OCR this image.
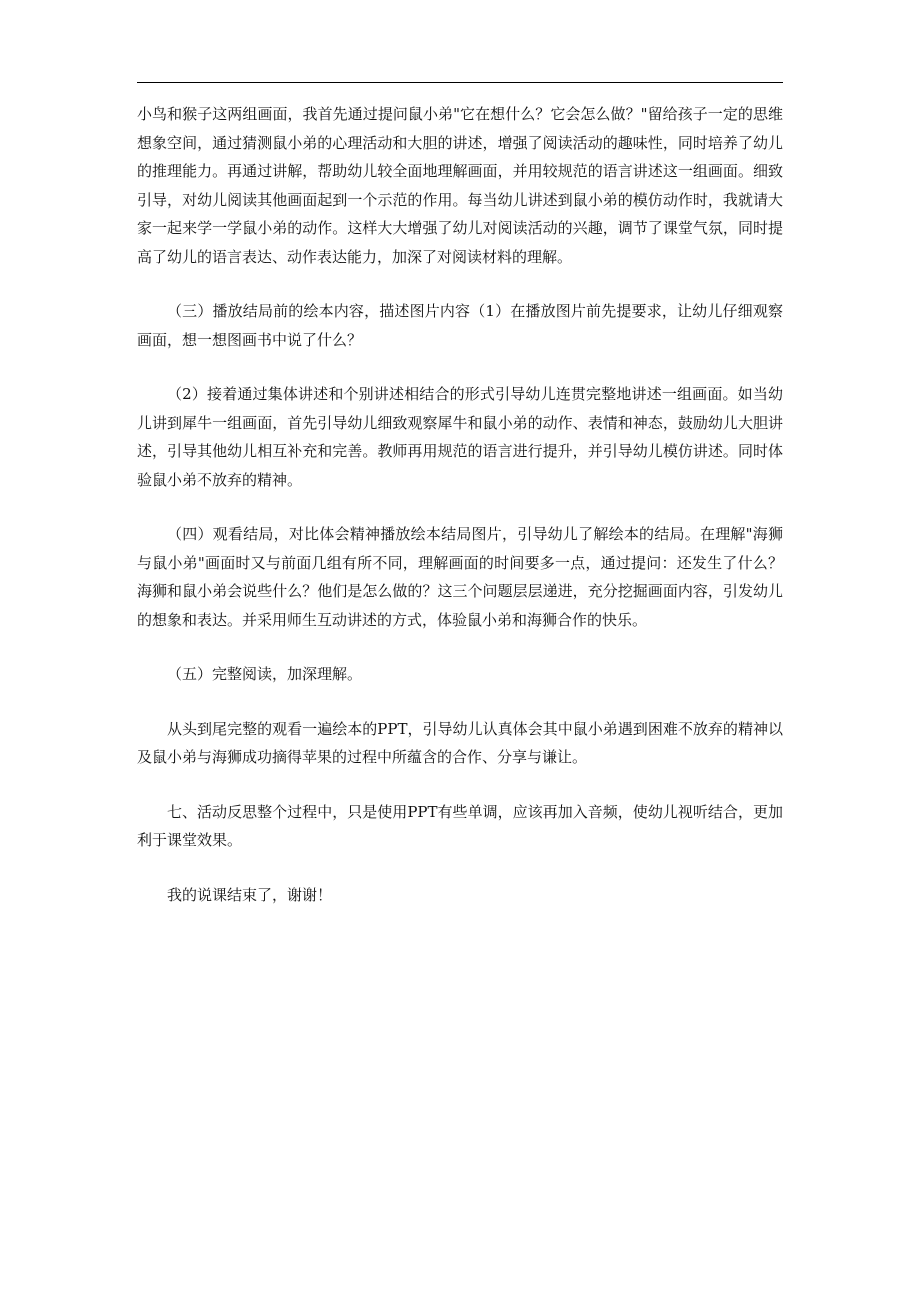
小鸟和猴子这两组画面，我首先通过提问鼠小弟"它在想什么？它会怎么做？"留给孩子一定的思维想象空间，通过猜测鼠小弟的心理活动和大胆的讲述，增强了阅读活动的趣味性，同时培养了幼儿的推理能力。再通过讲解，帮助幼儿较全面地理解画面，并用较规范的语言讲述这一组画面。细致引导，对幼儿阅读其他画面起到一个示范的作用。每当幼儿讲述到鼠小弟的模仿动作时，我就请大家一起来学一学鼠小弟的动作。这样大大增强了幼儿对阅读活动的兴趣，调节了课堂气氛，同时提高了幼儿的语言表达、动作表达能力，加深了对阅读材料的理解。

（三）播放结局前的绘本内容，描述图片内容（1）在播放图片前先提要求，让幼儿仔细观察画面，想一想图画书中说了什么？

（2）接着通过集体讲述和个别讲述相结合的形式引导幼儿连贯完整地讲述一组画面。如当幼儿讲到犀牛一组画面，首先引导幼儿细致观察犀牛和鼠小弟的动作、表情和神态，鼓励幼儿大胆讲述，引导其他幼儿相互补充和完善。教师再用规范的语言进行提升，并引导幼儿模仿讲述。同时体验鼠小弟不放弃的精神。

（四）观看结局，对比体会精神播放绘本结局图片，引导幼儿了解绘本的结局。在理解"海狮与鼠小弟"画面时又与前面几组有所不同，理解画面的时间要多一点，通过提问：还发生了什么？海狮和鼠小弟会说些什么？他们是怎么做的？这三个问题层层递进，充分挖掘画面内容，引发幼儿的想象和表达。并采用师生互动讲述的方式，体验鼠小弟和海狮合作的快乐。

（五）完整阅读，加深理解。

从头到尾完整的观看一遍绘本的PPT，引导幼儿认真体会其中鼠小弟遇到困难不放弃的精神以及鼠小弟与海狮成功摘得苹果的过程中所蕴含的合作、分享与谦让。

七、活动反思整个过程中，只是使用PPT有些单调，应该再加入音频，使幼儿视听结合，更加利于课堂效果。

我的说课结束了，谢谢！
